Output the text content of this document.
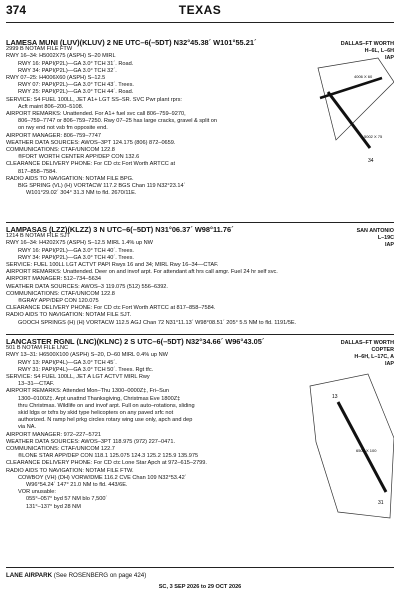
374	TEXAS
DALLAS–FT WORTH
H–6L, L–6H
IAP
LAMESA MUNI (LUV)(KLUV) 2 NE UTC–6(–5DT) N32°45.38´ W101°55.21´
2999 B NOTAM FILE FTW
RWY 16–34: H5002X75 (ASPH) S–20 MIRL
RWY 16: PAPI(P2L)—GA 3.0° TCH 31´. Road.
RWY 34: PAPI(P2L)—GA 3.0° TCH 32´.
RWY 07–25: H4006X60 (ASPH) S–12.5
RWY 07: PAPI(P2L)—GA 3.0° TCH 43´. Trees.
RWY 25: PAPI(P2L)—GA 3.0° TCH 44´. Road.
SERVICE: S4 FUEL 100LL, JET A1+ LGT SS–SR. SVC Pwr plant rprs:
Acft maint 806–200–5108.
AIRPORT REMARKS: Unattended. For A1+ fuel svc call 806–759–9270,
806–759–7747 or 806–759–7250. Rwy 07–25 has large cracks, gravel & split on
on rwy end not vsb fm opposite end.
AIRPORT MANAGER: 806–759–7747
WEATHER DATA SOURCES: AWOS–3PT 124.175 (806) 872–0659.
COMMUNICATIONS: CTAF/UNICOM 122.8
®FORT WORTH CENTER APP/DEP CON 132.6
CLEARANCE DELIVERY PHONE: For CD ctc Fort Worth ARTCC at
817–858–7584.
RADIO AIDS TO NAVIGATION: NOTAM FILE BPG.
BIG SPRING (VL) (H) VORTACW 117.2 BGS Chan 119 N32°23.14´
W101°29.02´ 304° 31.3 NM to fld. 2670/11E.
4006 X 60
5002 X 75
34
SAN ANTONIO
L–19C
IAP
LAMPASAS (LZZ)(KLZZ) 3 N UTC–6(–5DT) N31°06.37´ W98°11.76´
1214 B NOTAM FILE SJT
RWY 16–34: H4202X75 (ASPH) S–12.5 MIRL 1.4% up NW
RWY 16: PAPI(P2L)—GA 3.0° TCH 40´. Trees.
RWY 34: PAPI(P2L)—GA 3.0° TCH 40´. Trees.
SERVICE: FUEL 100LL LGT ACTVT PAPI Rwys 16 and 34; MIRL Rwy 16–34—CTAF.
AIRPORT REMARKS: Unattended. Deer on and invof arpt. For attendant aft hrs call amgr. Fuel 24 hr self svc.
AIRPORT MANAGER: 512–734–5634
WEATHER DATA SOURCES: AWOS–3 119.075 (512) 556–6392.
COMMUNICATIONS: CTAF/UNICOM 122.8
®GRAY APP/DEP CON 120.075
CLEARANCE DELIVERY PHONE: For CD ctc Fort Worth ARTCC at 817–858–7584.
RADIO AIDS TO NAVIGATION: NOTAM FILE SJT.
GOOCH SPRINGS (H) (H) VORTACW 112.5 AGJ Chan 72 N31°11.13´ W98°08.51´ 205° 5.5 NM to fld. 1191/5E.
DALLAS–FT WORTH
COPTER
H–6H, L–17C, A
IAP
LANCASTER RGNL (LNC)(KLNC) 2 S UTC–6(–5DT) N32°34.66´ W96°43.05´
501 B NOTAM FILE LNC
RWY 13–31: H6500X100 (ASPH) S–20, D–60 MIRL 0.4% up NW
RWY 13: PAPI(P4L)—GA 3.0° TCH 45´.
RWY 31: PAPI(P4L)—GA 3.0° TCH 50´. Trees. Rgt tfc.
SERVICE: S4 FUEL 100LL, JET A LGT ACTVT MIRL Rwy
13–31—CTAF.
AIRPORT REMARKS: Attended Mon–Thu 1300–0000Z‡, Fri–Sun
1300–0100Z‡. Arpt unattnd Thanksgiving, Christmas Eve 1800Z‡
thru Christmas. Wildlife on and invof arpt. Full on auto–rotations, sliding
skid ldgs or txfrs by skid type helicopters on any paved srfc not
authorized. N ramp hel prkg circles rotary wing use only, apch and dep
via NA.
AIRPORT MANAGER: 972–227–5721
WEATHER DATA SOURCES: AWOS–3PT 118.975 (972) 227–0471.
COMMUNICATIONS: CTAF/UNICOM 122.7
®LONE STAR APP/DEP CON 118.1 125.075 124.3 125.2 125.9 135.975
CLEARANCE DELIVERY PHONE: For CD ctc Lone Star Apch at 972–615–2799.
RADIO AIDS TO NAVIGATION: NOTAM FILE FTW.
COWBOY (VH) (DH) VORW/DME 116.2 CVE Chan 109 N32°53.42´
W96°54.24´ 147° 21.0 NM to fld. 443/6E.
VOR unusable:
055°–057° byd 57 NM blo 7,500´
131°–137° byd 28 NM
6500 X 100
13
31
LANE AIRPARK (See ROSENBERG on page 424)
SC, 3 SEP 2026 to 29 OCT 2026
